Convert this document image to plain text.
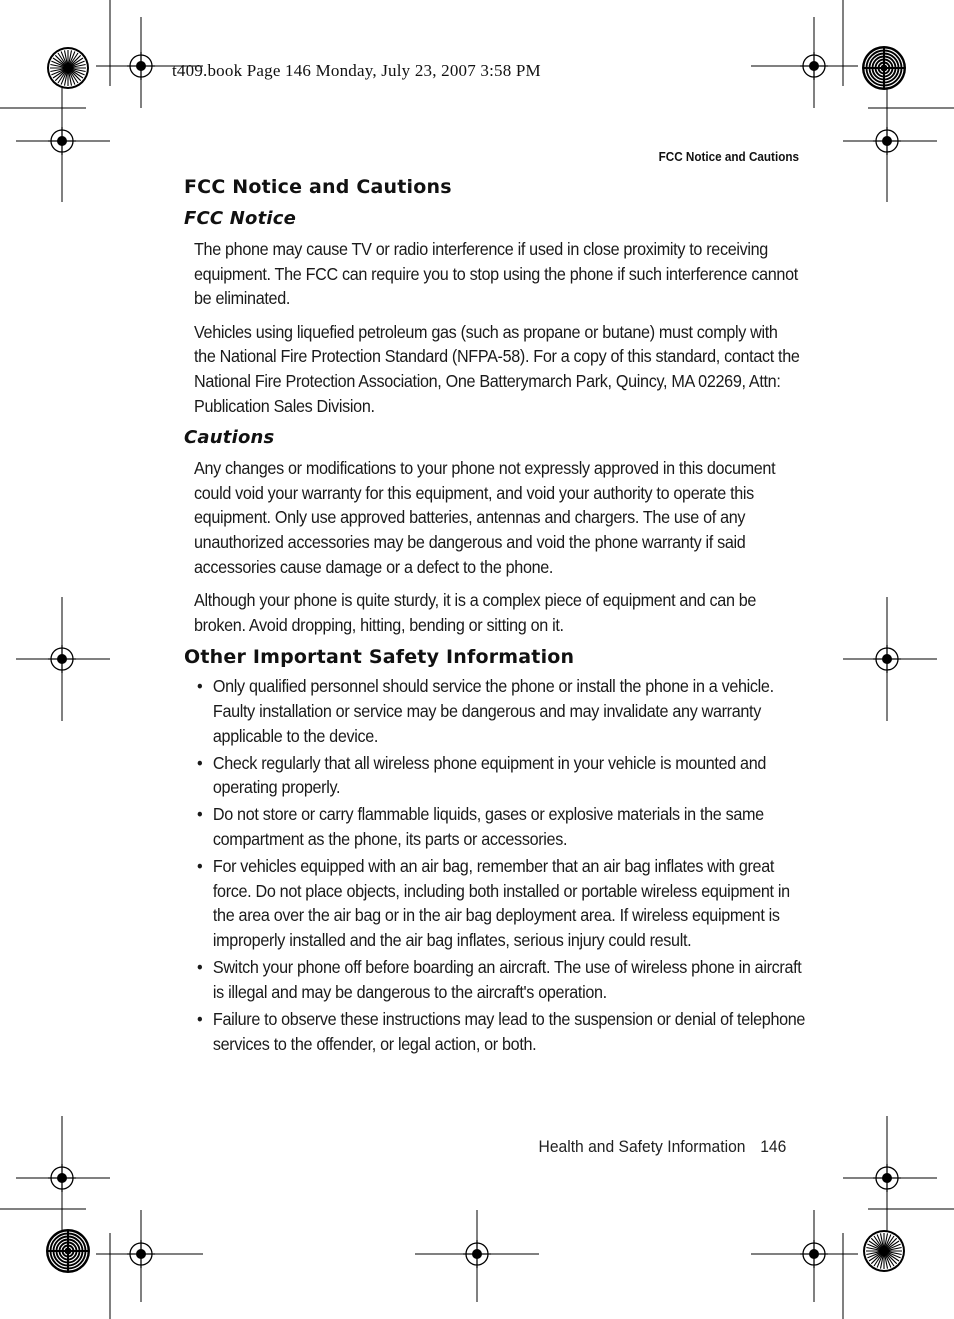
t409.book Page 146 Monday, July 23, 2007 3:58 PM
FCC Notice and Cautions
FCC Notice and Cautions
FCC Notice

The phone may cause TV or radio interference if used in close proximity to receiving equipment. The FCC can require you to stop using the phone if such interference cannot be eliminated.

Vehicles using liquefied petroleum gas (such as propane or butane) must comply with the National Fire Protection Standard (NFPA-58). For a copy of this standard, contact the National Fire Protection Association, One Batterymarch Park, Quincy, MA 02269, Attn: Publication Sales Division.

Cautions

Any changes or modifications to your phone not expressly approved in this document could void your warranty for this equipment, and void your authority to operate this equipment. Only use approved batteries, antennas and chargers. The use of any unauthorized accessories may be dangerous and void the phone warranty if said accessories cause damage or a defect to the phone.

Although your phone is quite sturdy, it is a complex piece of equipment and can be broken. Avoid dropping, hitting, bending or sitting on it.

Other Important Safety Information
• Only qualified personnel should service the phone or install the phone in a vehicle. Faulty installation or service may be dangerous and may invalidate any warranty applicable to the device.
• Check regularly that all wireless phone equipment in your vehicle is mounted and operating properly.
• Do not store or carry flammable liquids, gases or explosive materials in the same compartment as the phone, its parts or accessories.
• For vehicles equipped with an air bag, remember that an air bag inflates with great force. Do not place objects, including both installed or portable wireless equipment in the area over the air bag or in the air bag deployment area. If wireless equipment is improperly installed and the air bag inflates, serious injury could result.
• Switch your phone off before boarding an aircraft. The use of wireless phone in aircraft is illegal and may be dangerous to the aircraft's operation.
• Failure to observe these instructions may lead to the suspension or denial of telephone services to the offender, or legal action, or both.
Health and Safety Information 146
